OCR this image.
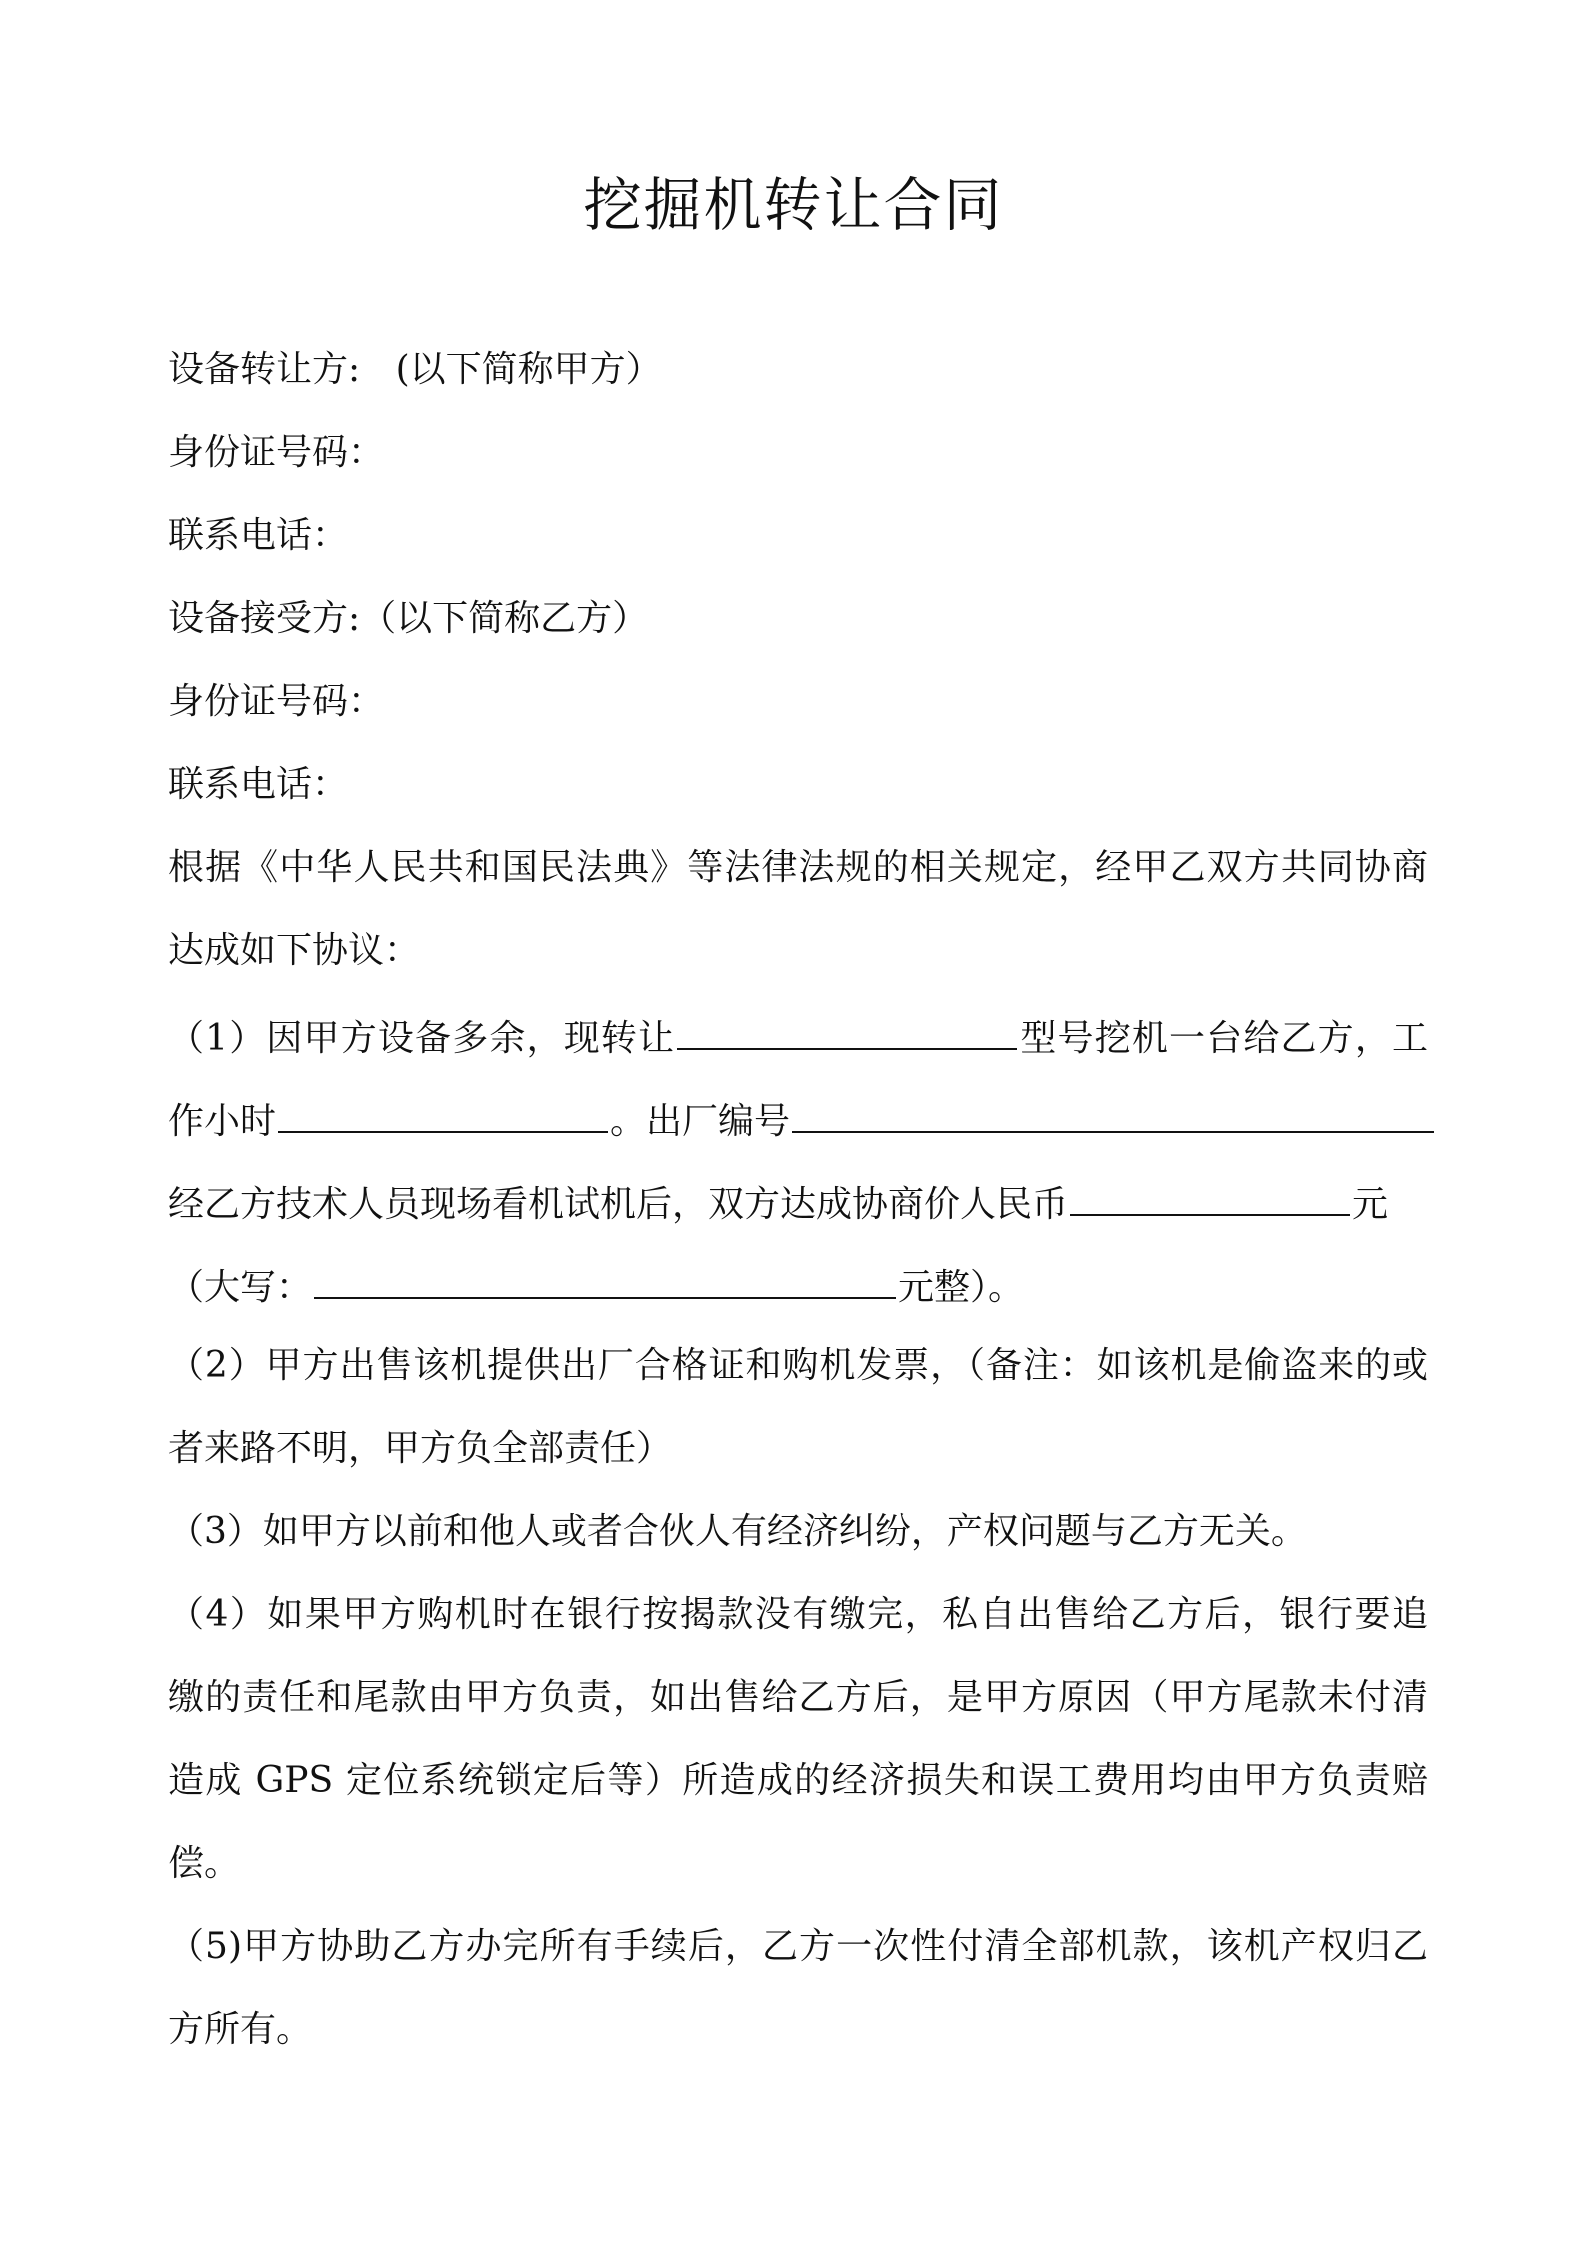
挖掘机转让合同
设备转让方: (以下简称甲方）
身份证号码：
联系电话：
设备接受方:（以下简称乙方）
身份证号码：
联系电话：
根据《中华人民共和国民法典》等法律法规的相关规定，经甲乙双方共同协商
达成如下协议：
（1）因甲方设备多余，现转让	型号挖机一台给乙方，工
作小时	。出厂编号
经乙方技术人员现场看机试机后，双方达成协商价人民币	元
（大写：	元整）。
（2）甲方出售该机提供出厂合格证和购机发票，（备注：如该机是偷盗来的或
者来路不明，甲方负全部责任）
（3）如甲方以前和他人或者合伙人有经济纠纷，产权问题与乙方无关。
（4）如果甲方购机时在银行按揭款没有缴完，私自出售给乙方后，银行要追
缴的责任和尾款由甲方负责，如出售给乙方后，是甲方原因（甲方尾款未付清
造成 GPS 定位系统锁定后等）所造成的经济损失和误工费用均由甲方负责赔
偿。
（5)甲方协助乙方办完所有手续后，乙方一次性付清全部机款，该机产权归乙
方所有。
